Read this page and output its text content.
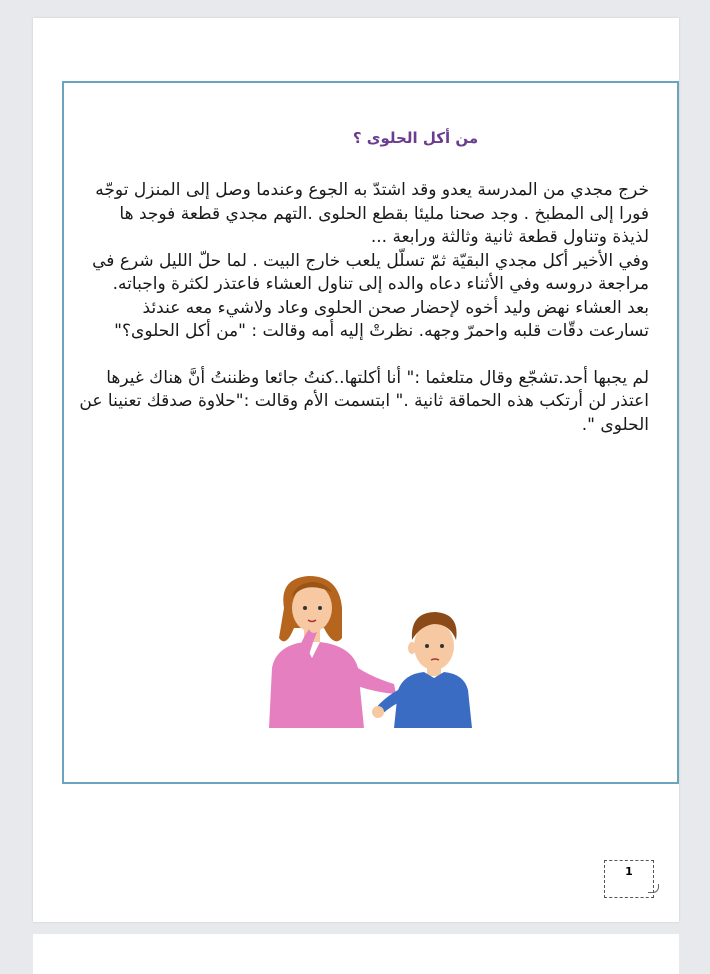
من أكل الحلوى ؟

خرج مجدي من المدرسة يعدو وقد اشتدّ به الجوع وعندما وصل إلى المنزل توجّه فورا إلى المطبخ . وجد صحنا مليئا بقطع الحلوى .التهم مجدي قطعة فوجد ها لذيذة وتناول قطعة ثانية وثالثة ورابعة ...

وفي الأخير أكل مجدي البقيّة ثمّ تسلّل يلعب خارج البيت . لما حلّ الليل شرع في مراجعة دروسه وفي الأثناء دعاه والده إلى تناول العشاء فاعتذر لكثرة واجباته.

بعد العشاء نهض وليد أخوه لإحضار صحن الحلوى وعاد ولاشيء معه عندئذ تسارعت دقّات قلبه واحمرّ وجهه. نظرتْ إليه أمه وقالت : "من أكل الحلوى؟"

لم يجبها أحد.تشجّع وقال متلعثما :" أنا أكلتها..كنتُ جائعا وظننتُ أنَّ هناك غيرها اعتذر لن أرتكب هذه الحماقة ثانية ." ابتسمت الأم وقالت :"حلاوة صدقك تعنينا عن الحلوى ".

1
